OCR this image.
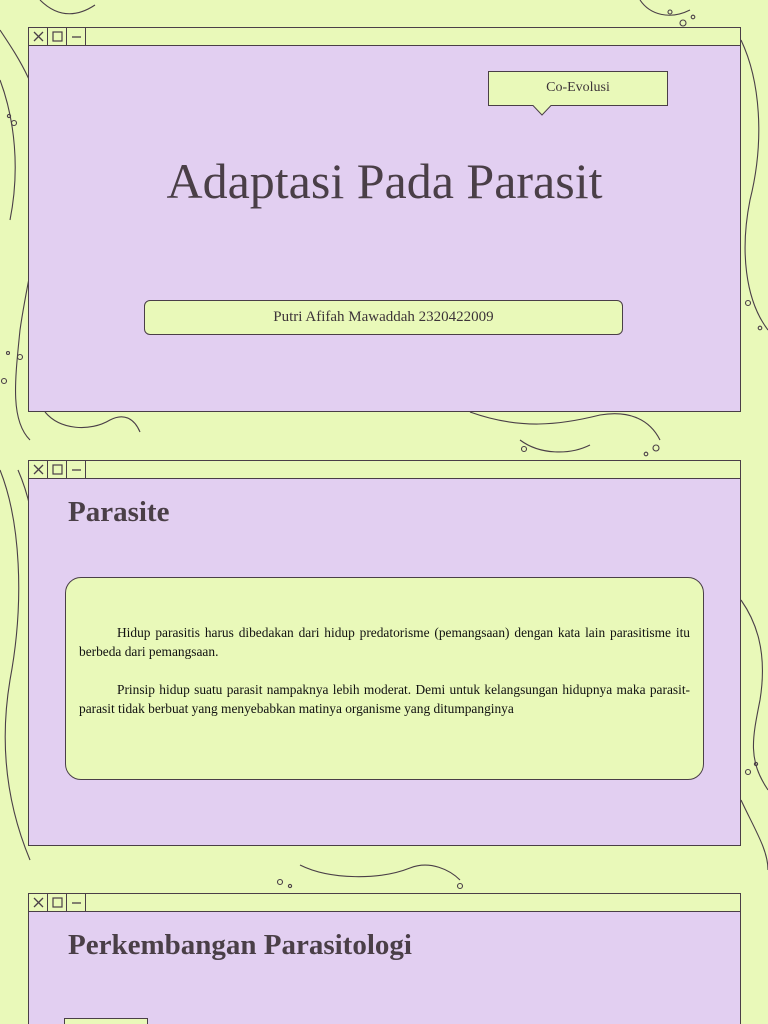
Co-Evolusi
Adaptasi Pada Parasit
Putri Afifah Mawaddah 2320422009
Parasite

Hidup parasitis harus dibedakan dari hidup predatorisme (pemangsaan) dengan kata lain parasitisme itu berbeda dari pemangsaan.

Prinsip hidup suatu parasit nampaknya lebih moderat. Demi untuk kelangsungan hidupnya maka parasit-parasit tidak berbuat yang menyebabkan matinya organisme yang ditumpanginya

Perkembangan Parasitologi
